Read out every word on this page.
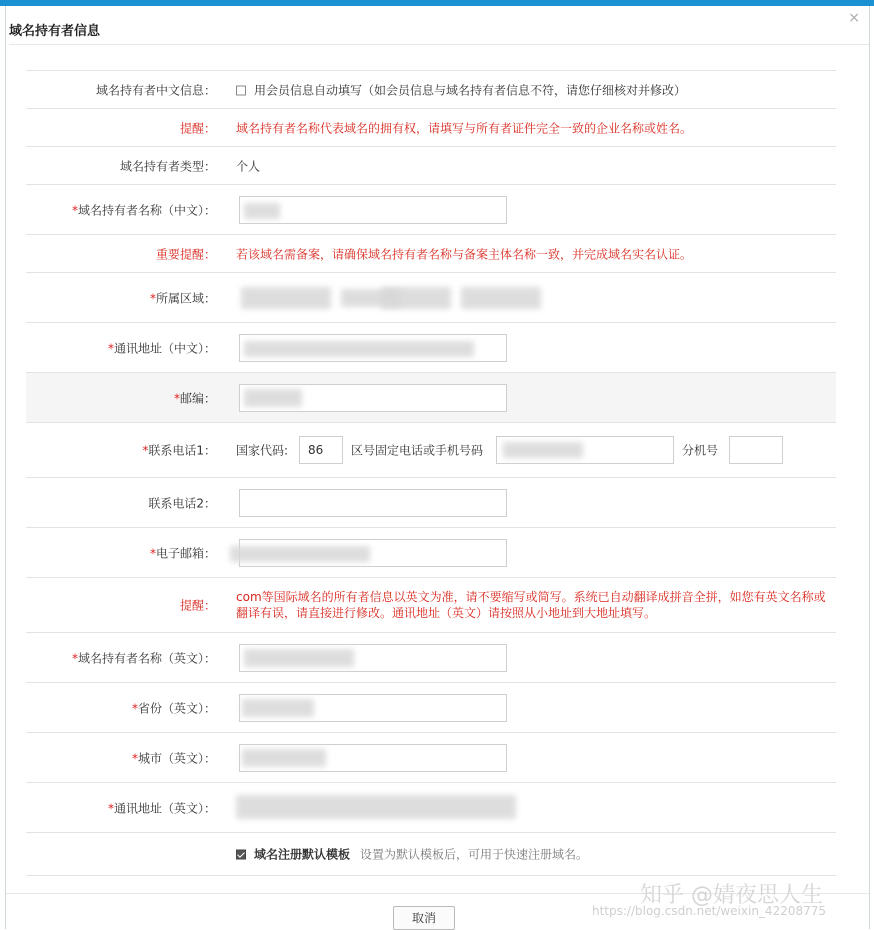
域名持有者信息
×
域名持有者中文信息：	用会员信息自动填写（如会员信息与域名持有者信息不符，请您仔细核对并修改）
提醒： 域名持有者名称代表域名的拥有权，请填写与所有者证件完全一致的企业名称或姓名。
域名持有者类型： 个人
*域名持有者名称（中文）：
重要提醒： 若该域名需备案，请确保域名持有者名称与备案主体名称一致，并完成域名实名认证。
*所属区域：
*通讯地址（中文）：
*邮编：
*联系电话1： 国家代码:	86	区号固定电话或手机号码	分机号
联系电话2：
*电子邮箱：
提醒：
com等国际域名的所有者信息以英文为准，请不要缩写或简写。系统已自动翻译成拼音全拼，如您有英文名称或
翻译有误，请直接进行修改。通讯地址（英文）请按照从小地址到大地址填写。
*域名持有者名称（英文）：
*省份（英文）：
*城市（英文）：
*通讯地址（英文）：
域名注册默认模板 设置为默认模板后，可用于快速注册域名。
取消
知乎 @婧夜思人生
https://blog.csdn.net/weixin_42208775
